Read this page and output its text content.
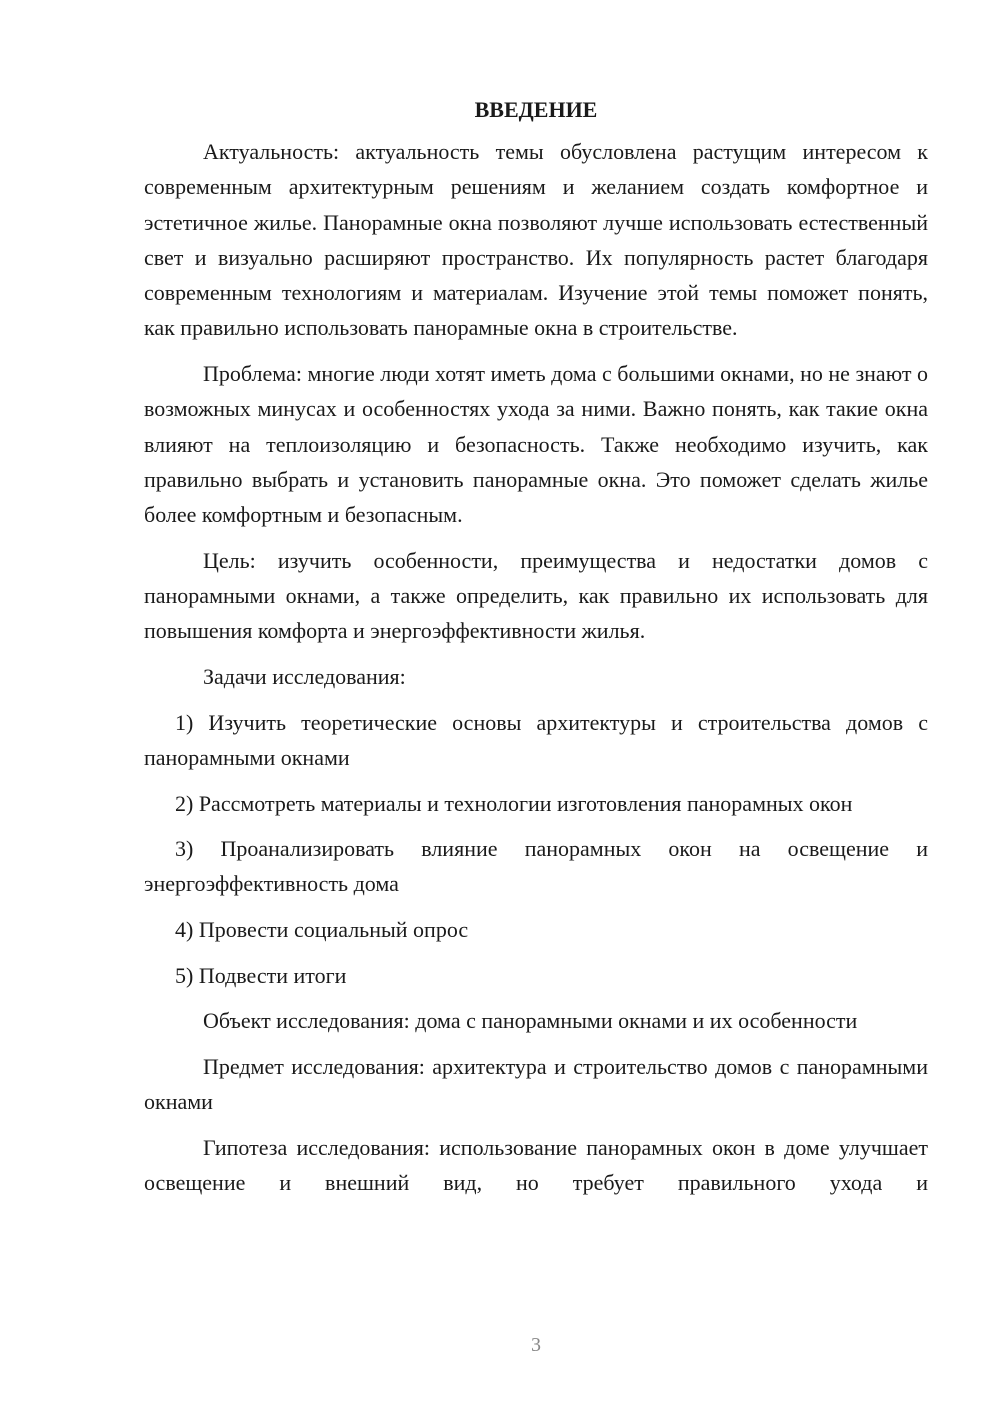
ВВЕДЕНИЕ

Актуальность: актуальность темы обусловлена растущим интересом к современным архитектурным решениям и желанием создать комфортное и эстетичное жилье. Панорамные окна позволяют лучше использовать естественный свет и визуально расширяют пространство. Их популярность растет благодаря современным технологиям и материалам. Изучение этой темы поможет понять, как правильно использовать панорамные окна в строительстве.

Проблема: многие люди хотят иметь дома с большими окнами, но не знают о возможных минусах и особенностях ухода за ними. Важно понять, как такие окна влияют на теплоизоляцию и безопасность. Также необходимо изучить, как правильно выбрать и установить панорамные окна. Это поможет сделать жилье более комфортным и безопасным.

Цель: изучить особенности, преимущества и недостатки домов с панорамными окнами, а также определить, как правильно их использовать для повышения комфорта и энергоэффективности жилья.

Задачи исследования:

1) Изучить теоретические основы архитектуры и строительства домов с панорамными окнами

2) Рассмотреть материалы и технологии изготовления панорамных окон

3) Проанализировать влияние панорамных окон на освещение и энергоэффективность дома

4) Провести социальный опрос

5) Подвести итоги

Объект исследования: дома с панорамными окнами и их особенности

Предмет исследования: архитектура и строительство домов с панорамными окнами

Гипотеза исследования: использование панорамных окон в доме улучшает освещение и внешний вид, но требует правильного ухода и

3
